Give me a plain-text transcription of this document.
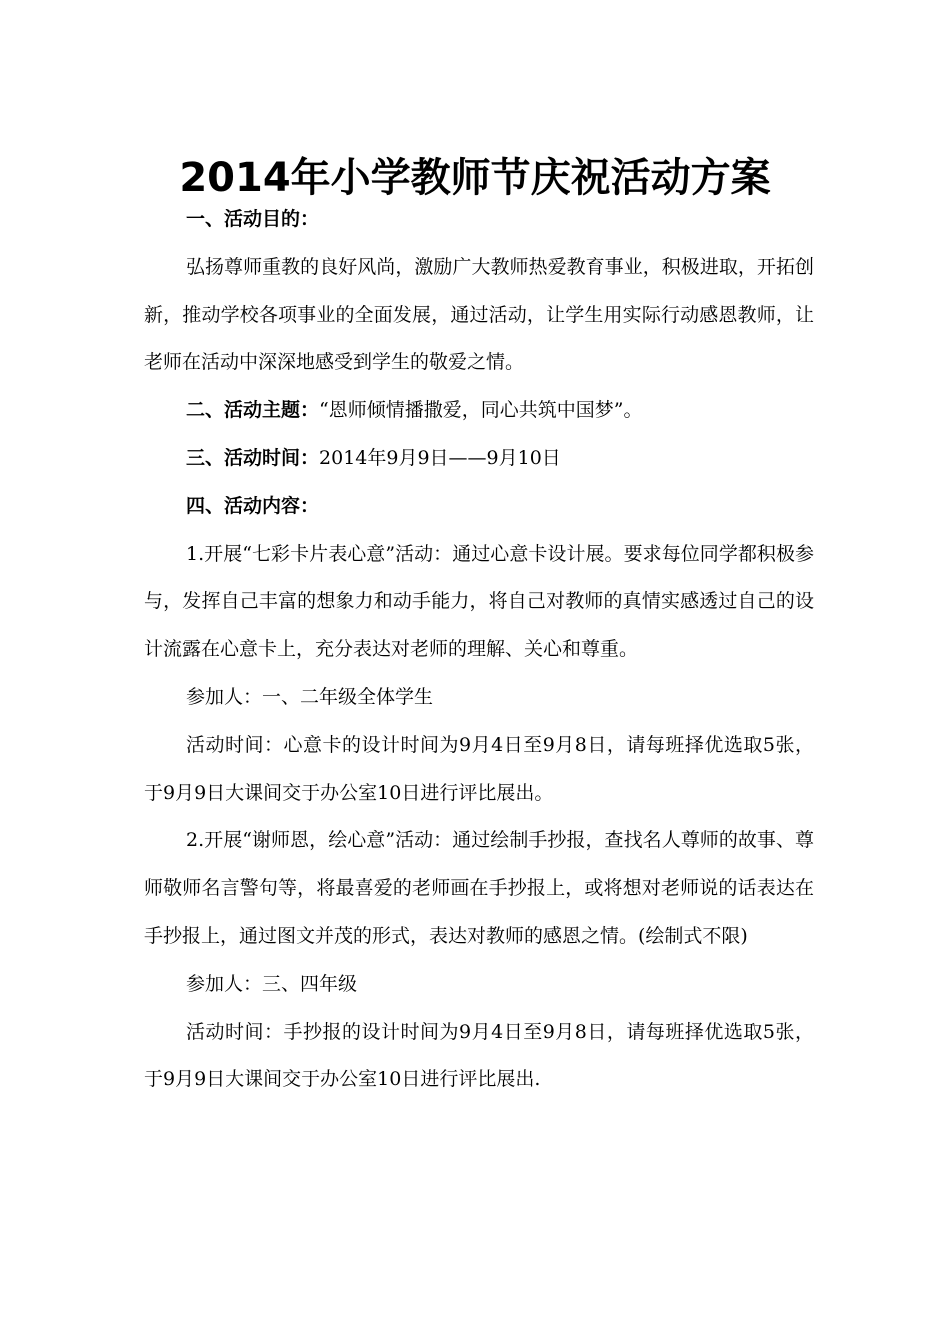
2014年小学教师节庆祝活动方案

一、活动目的：

弘扬尊师重教的良好风尚，激励广大教师热爱教育事业，积极进取，开拓创新，推动学校各项事业的全面发展，通过活动，让学生用实际行动感恩教师，让老师在活动中深深地感受到学生的敬爱之情。

二、活动主题：“恩师倾情播撒爱，同心共筑中国梦”。

三、活动时间：2014年9月9日——9月10日

四、活动内容：

1.开展“七彩卡片表心意”活动：通过心意卡设计展。要求每位同学都积极参与，发挥自己丰富的想象力和动手能力，将自己对教师的真情实感透过自己的设计流露在心意卡上，充分表达对老师的理解、关心和尊重。

参加人：一、二年级全体学生

活动时间：心意卡的设计时间为9月4日至9月8日，请每班择优选取5张，于9月9日大课间交于办公室10日进行评比展出。

2.开展“谢师恩，绘心意”活动：通过绘制手抄报，查找名人尊师的故事、尊师敬师名言警句等，将最喜爱的老师画在手抄报上，或将想对老师说的话表达在手抄报上，通过图文并茂的形式，表达对教师的感恩之情。(绘制式不限)

参加人：三、四年级

活动时间：手抄报的设计时间为9月4日至9月8日，请每班择优选取5张，于9月9日大课间交于办公室10日进行评比展出.
